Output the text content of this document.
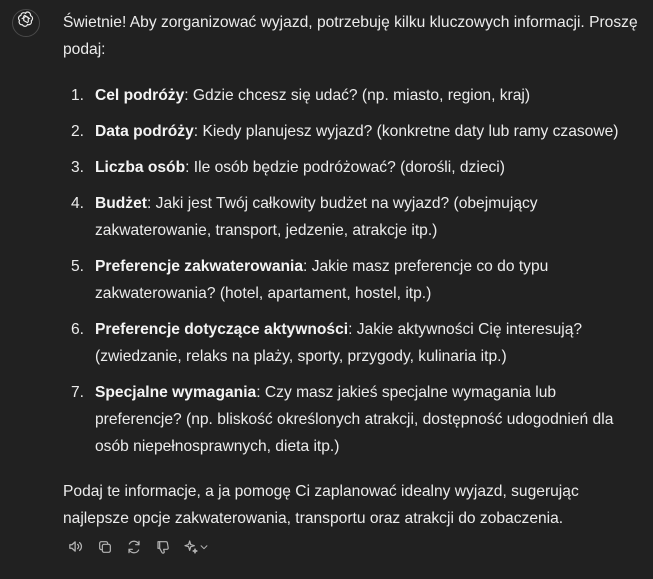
Świetnie! Aby zorganizować wyjazd, potrzebuję kilku kluczowych informacji. Proszę podaj:

1. Cel podróży: Gdzie chcesz się udać? (np. miasto, region, kraj)
2. Data podróży: Kiedy planujesz wyjazd? (konkretne daty lub ramy czasowe)
3. Liczba osób: Ile osób będzie podróżować? (dorośli, dzieci)
4. Budżet: Jaki jest Twój całkowity budżet na wyjazd? (obejmujący zakwaterowanie, transport, jedzenie, atrakcje itp.)
5. Preferencje zakwaterowania: Jakie masz preferencje co do typu zakwaterowania? (hotel, apartament, hostel, itp.)
6. Preferencje dotyczące aktywności: Jakie aktywności Cię interesują? (zwiedzanie, relaks na plaży, sporty, przygody, kulinaria itp.)
7. Specjalne wymagania: Czy masz jakieś specjalne wymagania lub preferencje? (np. bliskość określonych atrakcji, dostępność udogodnień dla osób niepełnosprawnych, dieta itp.)

Podaj te informacje, a ja pomogę Ci zaplanować idealny wyjazd, sugerując najlepsze opcje zakwaterowania, transportu oraz atrakcji do zobaczenia.
